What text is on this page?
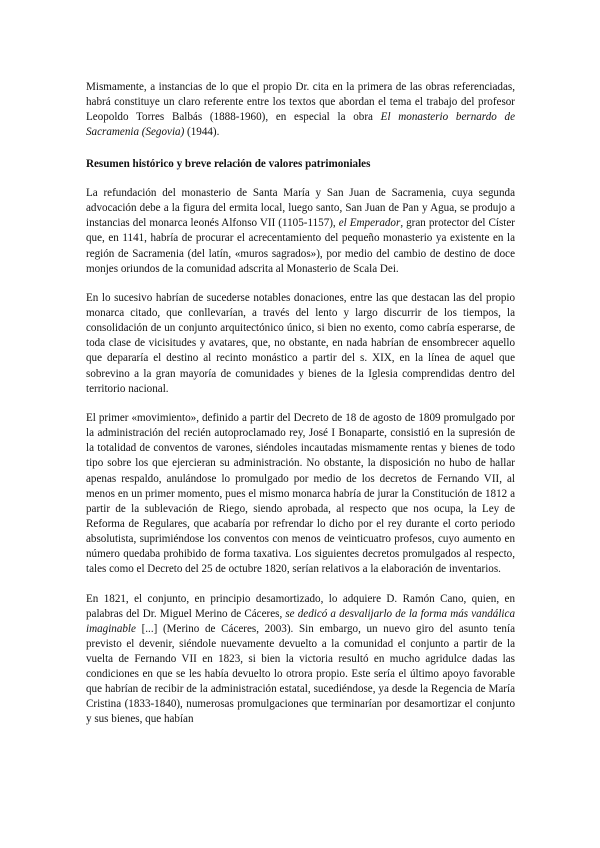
Mismamente, a instancias de lo que el propio Dr. cita en la primera de las obras referenciadas, habrá constituye un claro referente entre los textos que abordan el tema el trabajo del profesor Leopoldo Torres Balbás (1888-1960), en especial la obra El monasterio bernardo de Sacramenia (Segovia) (1944).

Resumen histórico y breve relación de valores patrimoniales

La refundación del monasterio de Santa María y San Juan de Sacramenia, cuya segunda advocación debe a la figura del ermita local, luego santo, San Juan de Pan y Agua, se produjo a instancias del monarca leonés Alfonso VII (1105-1157), el Emperador, gran protector del Císter que, en 1141, habría de procurar el acrecentamiento del pequeño monasterio ya existente en la región de Sacramenia (del latín, «muros sagrados»), por medio del cambio de destino de doce monjes oriundos de la comunidad adscrita al Monasterio de Scala Dei.

En lo sucesivo habrían de sucederse notables donaciones, entre las que destacan las del propio monarca citado, que conllevarían, a través del lento y largo discurrir de los tiempos, la consolidación de un conjunto arquitectónico único, si bien no exento, como cabría esperarse, de toda clase de vicisitudes y avatares, que, no obstante, en nada habrían de ensombrecer aquello que depararía el destino al recinto monástico a partir del s. XIX, en la línea de aquel que sobrevino a la gran mayoría de comunidades y bienes de la Iglesia comprendidas dentro del territorio nacional.

El primer «movimiento», definido a partir del Decreto de 18 de agosto de 1809 promulgado por la administración del recién autoproclamado rey, José I Bonaparte, consistió en la supresión de la totalidad de conventos de varones, siéndoles incautadas mismamente rentas y bienes de todo tipo sobre los que ejercieran su administración. No obstante, la disposición no hubo de hallar apenas respaldo, anulándose lo promulgado por medio de los decretos de Fernando VII, al menos en un primer momento, pues el mismo monarca habría de jurar la Constitución de 1812 a partir de la sublevación de Riego, siendo aprobada, al respecto que nos ocupa, la Ley de Reforma de Regulares, que acabaría por refrendar lo dicho por el rey durante el corto periodo absolutista, suprimiéndose los conventos con menos de veinticuatro profesos, cuyo aumento en número quedaba prohibido de forma taxativa. Los siguientes decretos promulgados al respecto, tales como el Decreto del 25 de octubre 1820, serían relativos a la elaboración de inventarios.

En 1821, el conjunto, en principio desamortizado, lo adquiere D. Ramón Cano, quien, en palabras del Dr. Miguel Merino de Cáceres, se dedicó a desvalijarlo de la forma más vandálica imaginable [...] (Merino de Cáceres, 2003). Sin embargo, un nuevo giro del asunto tenía previsto el devenir, siéndole nuevamente devuelto a la comunidad el conjunto a partir de la vuelta de Fernando VII en 1823, si bien la victoria resultó en mucho agridulce dadas las condiciones en que se les había devuelto lo otrora propio. Este sería el último apoyo favorable que habrían de recibir de la administración estatal, sucediéndose, ya desde la Regencia de María Cristina (1833-1840), numerosas promulgaciones que terminarían por desamortizar el conjunto y sus bienes, que habían
